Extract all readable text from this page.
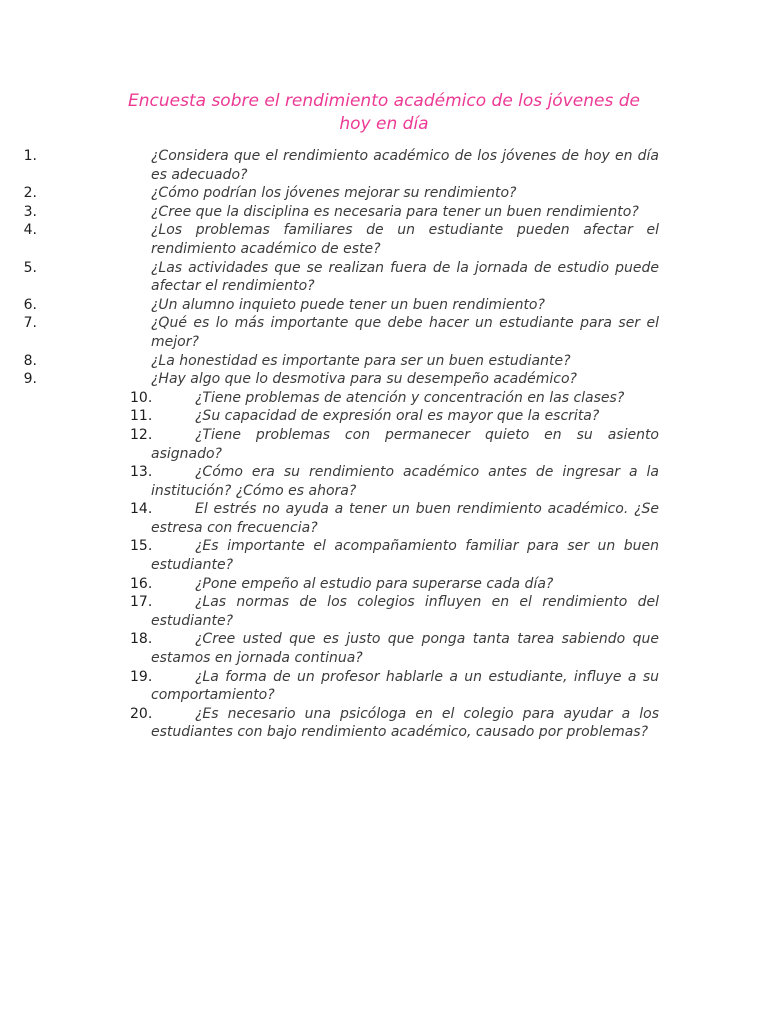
Encuesta sobre el rendimiento académico de los jóvenes de hoy en día
1.	¿Considera que el rendimiento académico de los jóvenes de hoy en día es adecuado?
2.	¿Cómo podrían los jóvenes mejorar su rendimiento?
3.	¿Cree que la disciplina es necesaria para tener un buen rendimiento?
4.	¿Los problemas familiares de un estudiante pueden afectar el rendimiento académico de este?
5.	¿Las actividades que se realizan fuera de la jornada de estudio puede afectar el rendimiento?
6.	¿Un alumno inquieto puede tener un buen rendimiento?
7.	¿Qué es lo más importante que debe hacer un estudiante para ser el mejor?
8.	¿La honestidad es importante para ser un buen estudiante?
9.	¿Hay algo que lo desmotiva para su desempeño académico?
10.	¿Tiene problemas de atención y concentración en las clases?
11.	¿Su capacidad de expresión oral es mayor que la escrita?
12.	¿Tiene problemas con permanecer quieto en su asiento asignado?
13.	¿Cómo era su rendimiento académico antes de ingresar a la institución? ¿Cómo es ahora?
14.	El estrés no ayuda a tener un buen rendimiento académico. ¿Se estresa con frecuencia?
15.	¿Es importante el acompañamiento familiar para ser un buen estudiante?
16.	¿Pone empeño al estudio para superarse cada día?
17.	¿Las normas de los colegios influyen en el rendimiento del estudiante?
18.	¿Cree usted que es justo que ponga tanta tarea sabiendo que estamos en jornada continua?
19.	¿La forma de un profesor hablarle a un estudiante, influye a su comportamiento?
20.	¿Es necesario una psicóloga en el colegio para ayudar a los estudiantes con bajo rendimiento académico, causado por problemas?
